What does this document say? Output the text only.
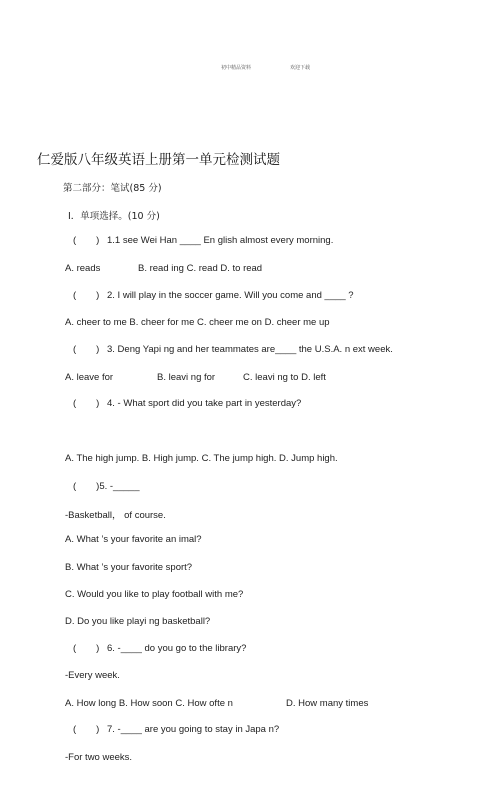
初中精品资料	欢迎下载
仁爱版八年级英语上册第一单元检测试题
第二部分：笔试(85 分)
Ⅰ．单项选择。(10 分)
( ) 1.1 see Wei Han ____ En glish almost every morning.
A. reads	B. read ing C. read D. to read
( ) 2. I will play in the soccer game. Will you come and ____ ?
A. cheer to me B. cheer for me C. cheer me on D. cheer me up
( ) 3. Deng Yapi ng and her teammates are____ the U.S.A. n ext week.
A. leave for	B. leavi ng for	C. leavi ng to D. left
( ) 4. - What sport did you take part in yesterday?
A. The high jump. B. High jump. C. The jump high. D. Jump high.
( )5. -_____
-Basketball， of course.
A. What ’s your favorite an imal?
B. What ’s your favorite sport?
C. Would you like to play football with me?
D. Do you like playi ng basketball?
( ) 6. -____ do you go to the library?
-Every week.
A. How long B. How soon C. How ofte n	D. How many times
( ) 7. -____ are you going to stay in Japa n?
-For two weeks.
